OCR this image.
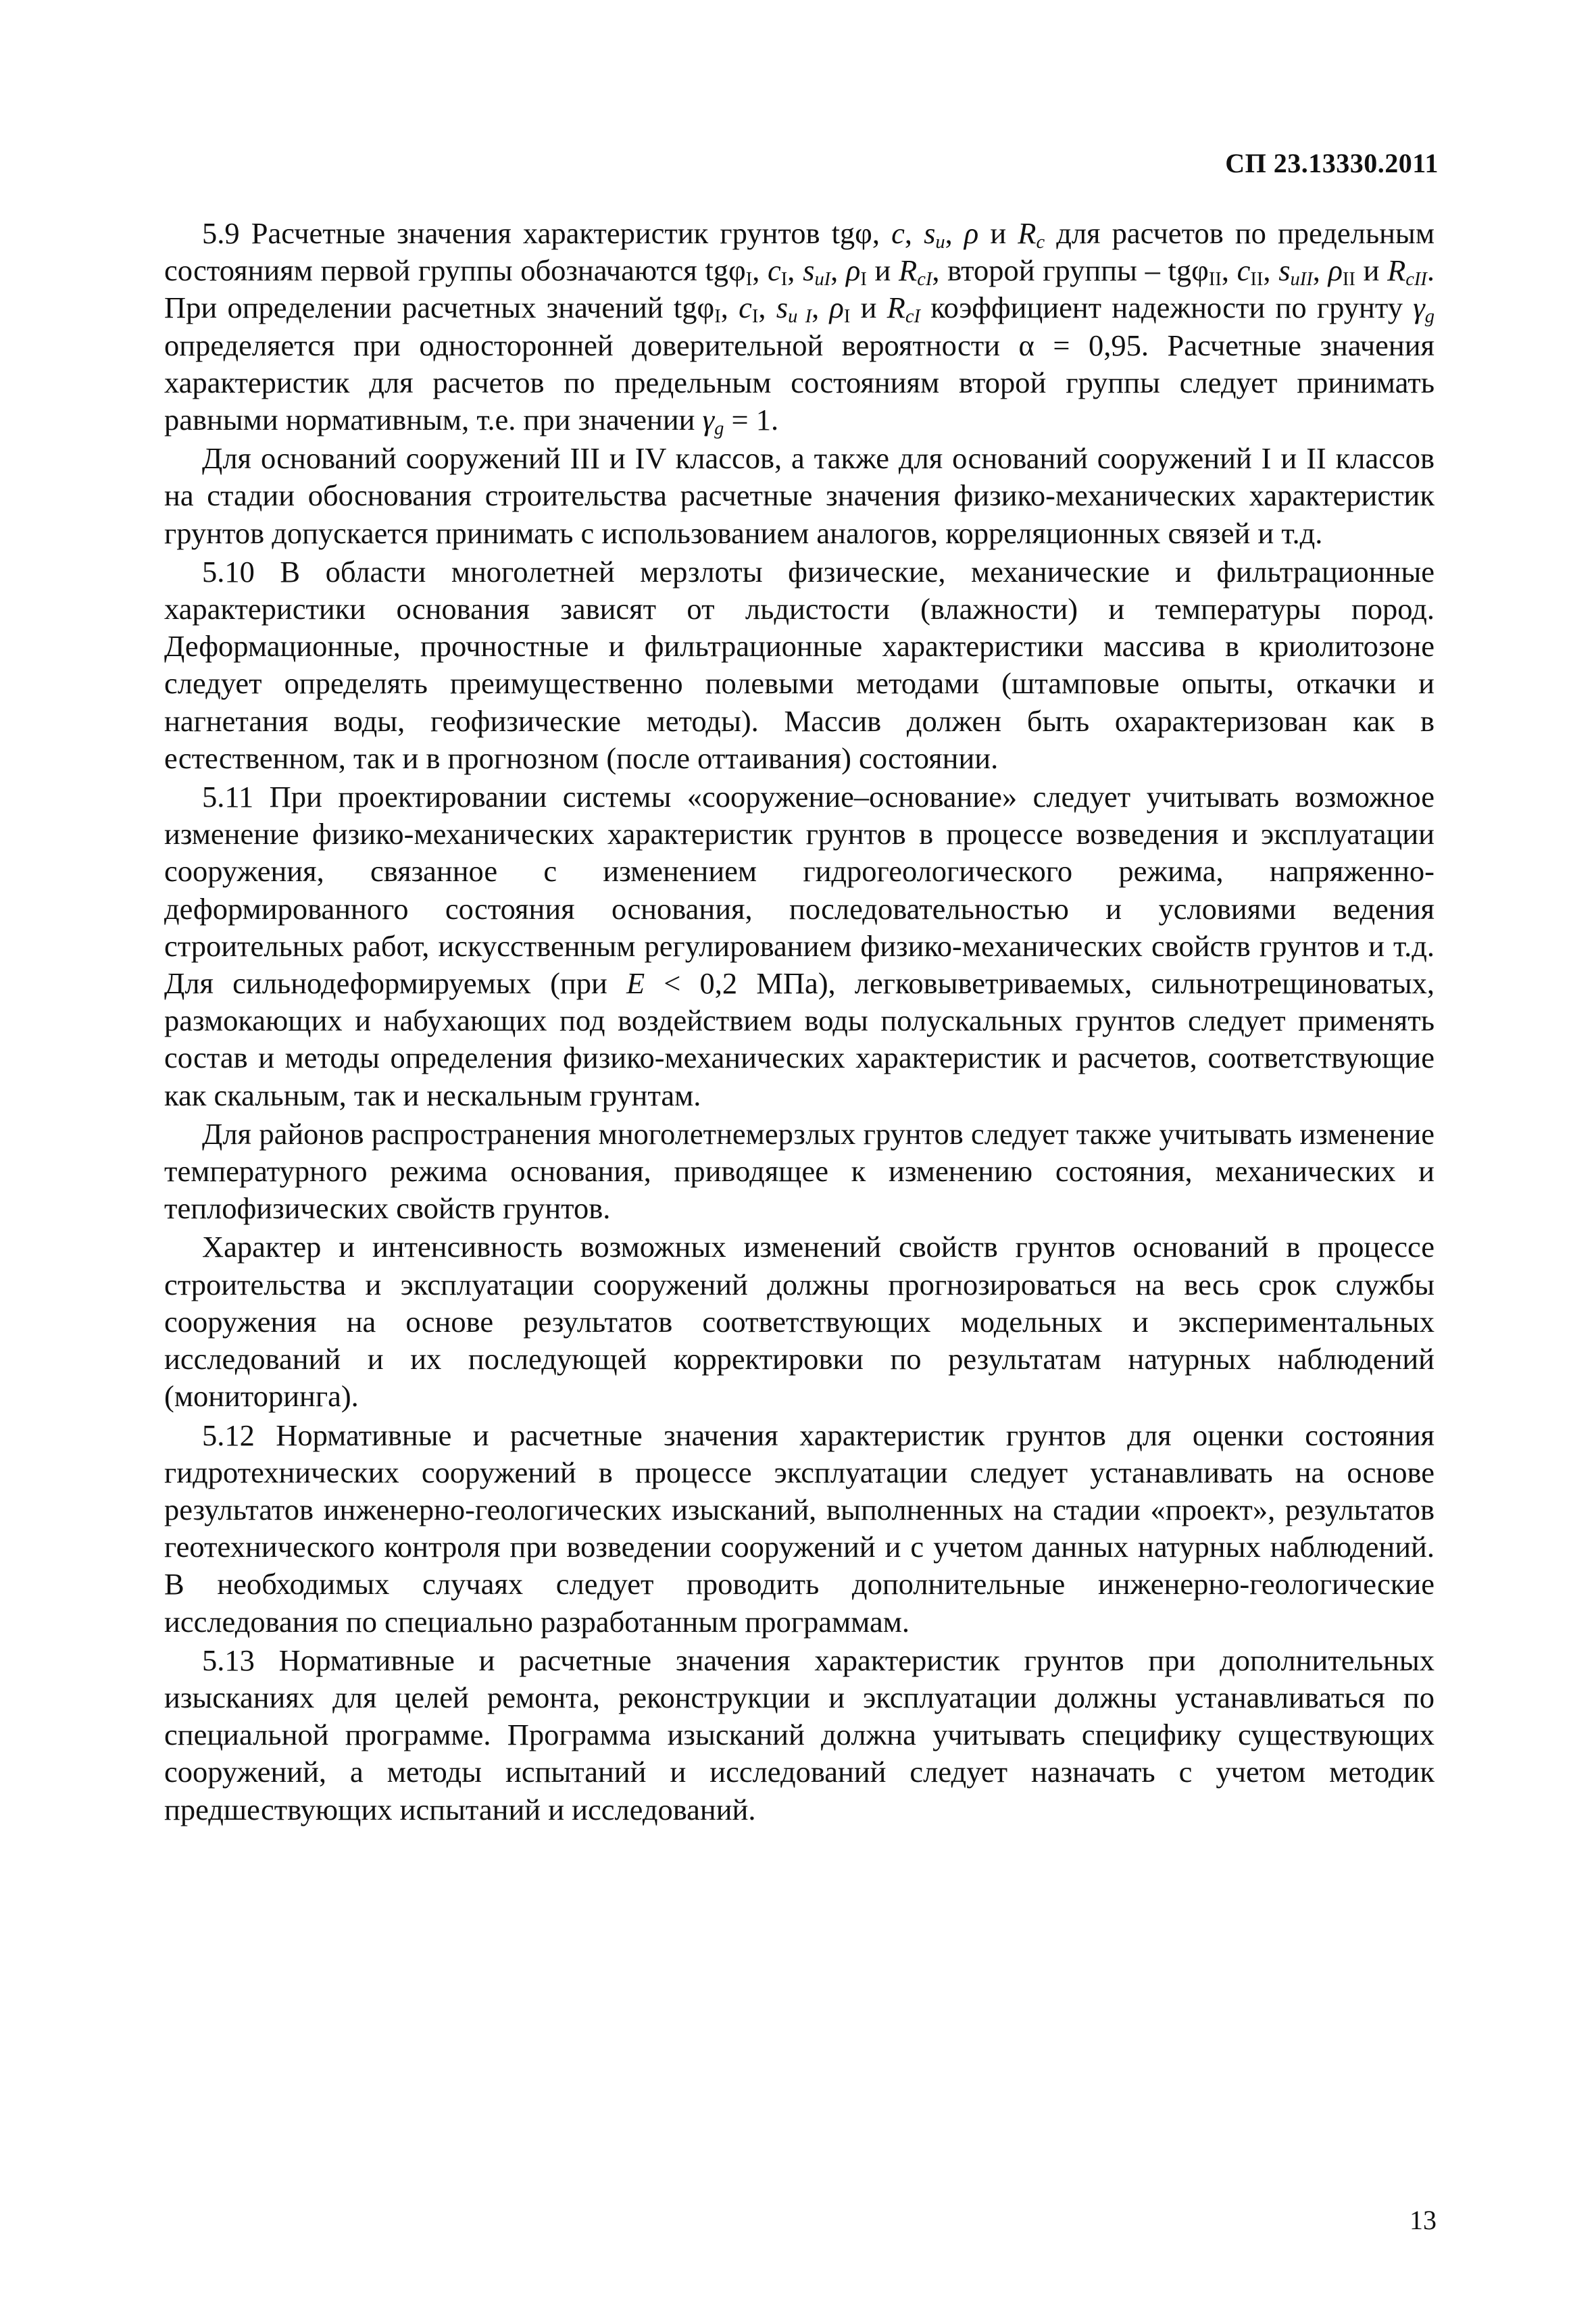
СП 23.13330.2011

5.9 Расчетные значения характеристик грунтов tgφ, c, $s_u$, ρ и $R_c$ для расчетов по предельным состояниям первой группы обозначаются tgφ$_I$, $c_I$, $s_{uI}$, $\rho_I$ и $R_{cI}$, второй группы – tgφ$_{II}$, $c_{II}$, $s_{uII}$, $\rho_{II}$ и $R_{cII}$. При определении расчетных значений tgφ$_I$, $c_I$, $s_{u I}$, $\rho_I$ и $R_{cI}$ коэффициент надежности по грунту $\gamma_g$ определяется при односторонней доверительной вероятности α = 0,95. Расчетные значения характеристик для расчетов по предельным состояниям второй группы следует принимать равными нормативным, т.е. при значении $\gamma_g = 1$.

Для оснований сооружений III и IV классов, а также для оснований сооружений I и II классов на стадии обоснования строительства расчетные значения физико-механических характеристик грунтов допускается принимать с использованием аналогов, корреляционных связей и т.д.

5.10 В области многолетней мерзлоты физические, механические и фильтрационные характеристики основания зависят от льдистости (влажности) и температуры пород. Деформационные, прочностные и фильтрационные характеристики массива в криолитозоне следует определять преимущественно полевыми методами (штамповые опыты, откачки и нагнетания воды, геофизические методы). Массив должен быть охарактеризован как в естественном, так и в прогнозном (после оттаивания) состоянии.

5.11 При проектировании системы «сооружение–основание» следует учитывать возможное изменение физико-механических характеристик грунтов в процессе возведения и эксплуатации сооружения, связанное с изменением гидрогеологического режима, напряженно-деформированного состояния основания, последовательностью и условиями ведения строительных работ, искусственным регулированием физико-механических свойств грунтов и т.д. Для сильнодеформируемых (при E < 0,2 МПа), легковыветриваемых, сильнотрещиноватых, размокающих и набухающих под воздействием воды полускальных грунтов следует применять состав и методы определения физико-механических характеристик и расчетов, соответствующие как скальным, так и нескальным грунтам.

Для районов распространения многолетнемерзлых грунтов следует также учитывать изменение температурного режима основания, приводящее к изменению состояния, механических и теплофизических свойств грунтов.

Характер и интенсивность возможных изменений свойств грунтов оснований в процессе строительства и эксплуатации сооружений должны прогнозироваться на весь срок службы сооружения на основе результатов соответствующих модельных и экспериментальных исследований и их последующей корректировки по результатам натурных наблюдений (мониторинга).

5.12 Нормативные и расчетные значения характеристик грунтов для оценки состояния гидротехнических сооружений в процессе эксплуатации следует устанавливать на основе результатов инженерно-геологических изысканий, выполненных на стадии «проект», результатов геотехнического контроля при возведении сооружений и с учетом данных натурных наблюдений. В необходимых случаях следует проводить дополнительные инженерно-геологические исследования по специально разработанным программам.

5.13 Нормативные и расчетные значения характеристик грунтов при дополнительных изысканиях для целей ремонта, реконструкции и эксплуатации должны устанавливаться по специальной программе. Программа изысканий должна учитывать специфику существующих сооружений, а методы испытаний и исследований следует назначать с учетом методик предшествующих испытаний и исследований.

13
